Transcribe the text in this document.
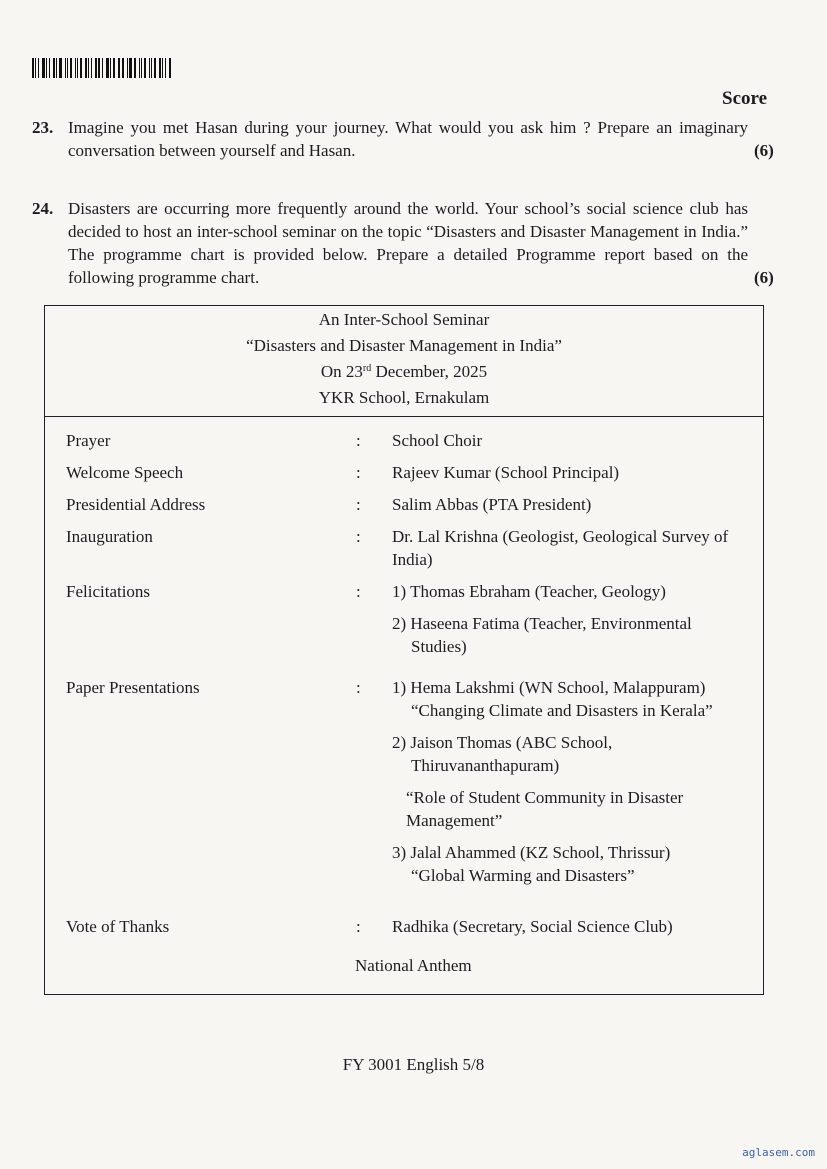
Score
23. Imagine you met Hasan during your journey. What would you ask him ? Prepare an imaginary conversation between yourself and Hasan.	(6)
24. Disasters are occurring more frequently around the world. Your school’s social science club has decided to host an inter-school seminar on the topic “Disasters and Disaster Management in India.” The programme chart is provided below. Prepare a detailed Programme report based on the following programme chart.	(6)
An Inter-School Seminar
“Disasters and Disaster Management in India”
On 23rd December, 2025
YKR School, Ernakulam
Prayer	: School Choir
Welcome Speech	: Rajeev Kumar (School Principal)
Presidential Address	: Salim Abbas (PTA President)
Inauguration	: Dr. Lal Krishna (Geologist, Geological Survey of India)
Felicitations	: 1) Thomas Ebraham (Teacher, Geology)
2) Haseena Fatima (Teacher, Environmental
Studies)
Paper Presentations	: 1) Hema Lakshmi (WN School, Malappuram)
“Changing Climate and Disasters in Kerala”
2) Jaison Thomas (ABC School,
Thiruvananthapuram)
“Role of Student Community in Disaster
Management”
3) Jalal Ahammed (KZ School, Thrissur)
“Global Warming and Disasters”
Vote of Thanks	: Radhika (Secretary, Social Science Club)
National Anthem
FY 3001 English 5/8
aglasem.com
